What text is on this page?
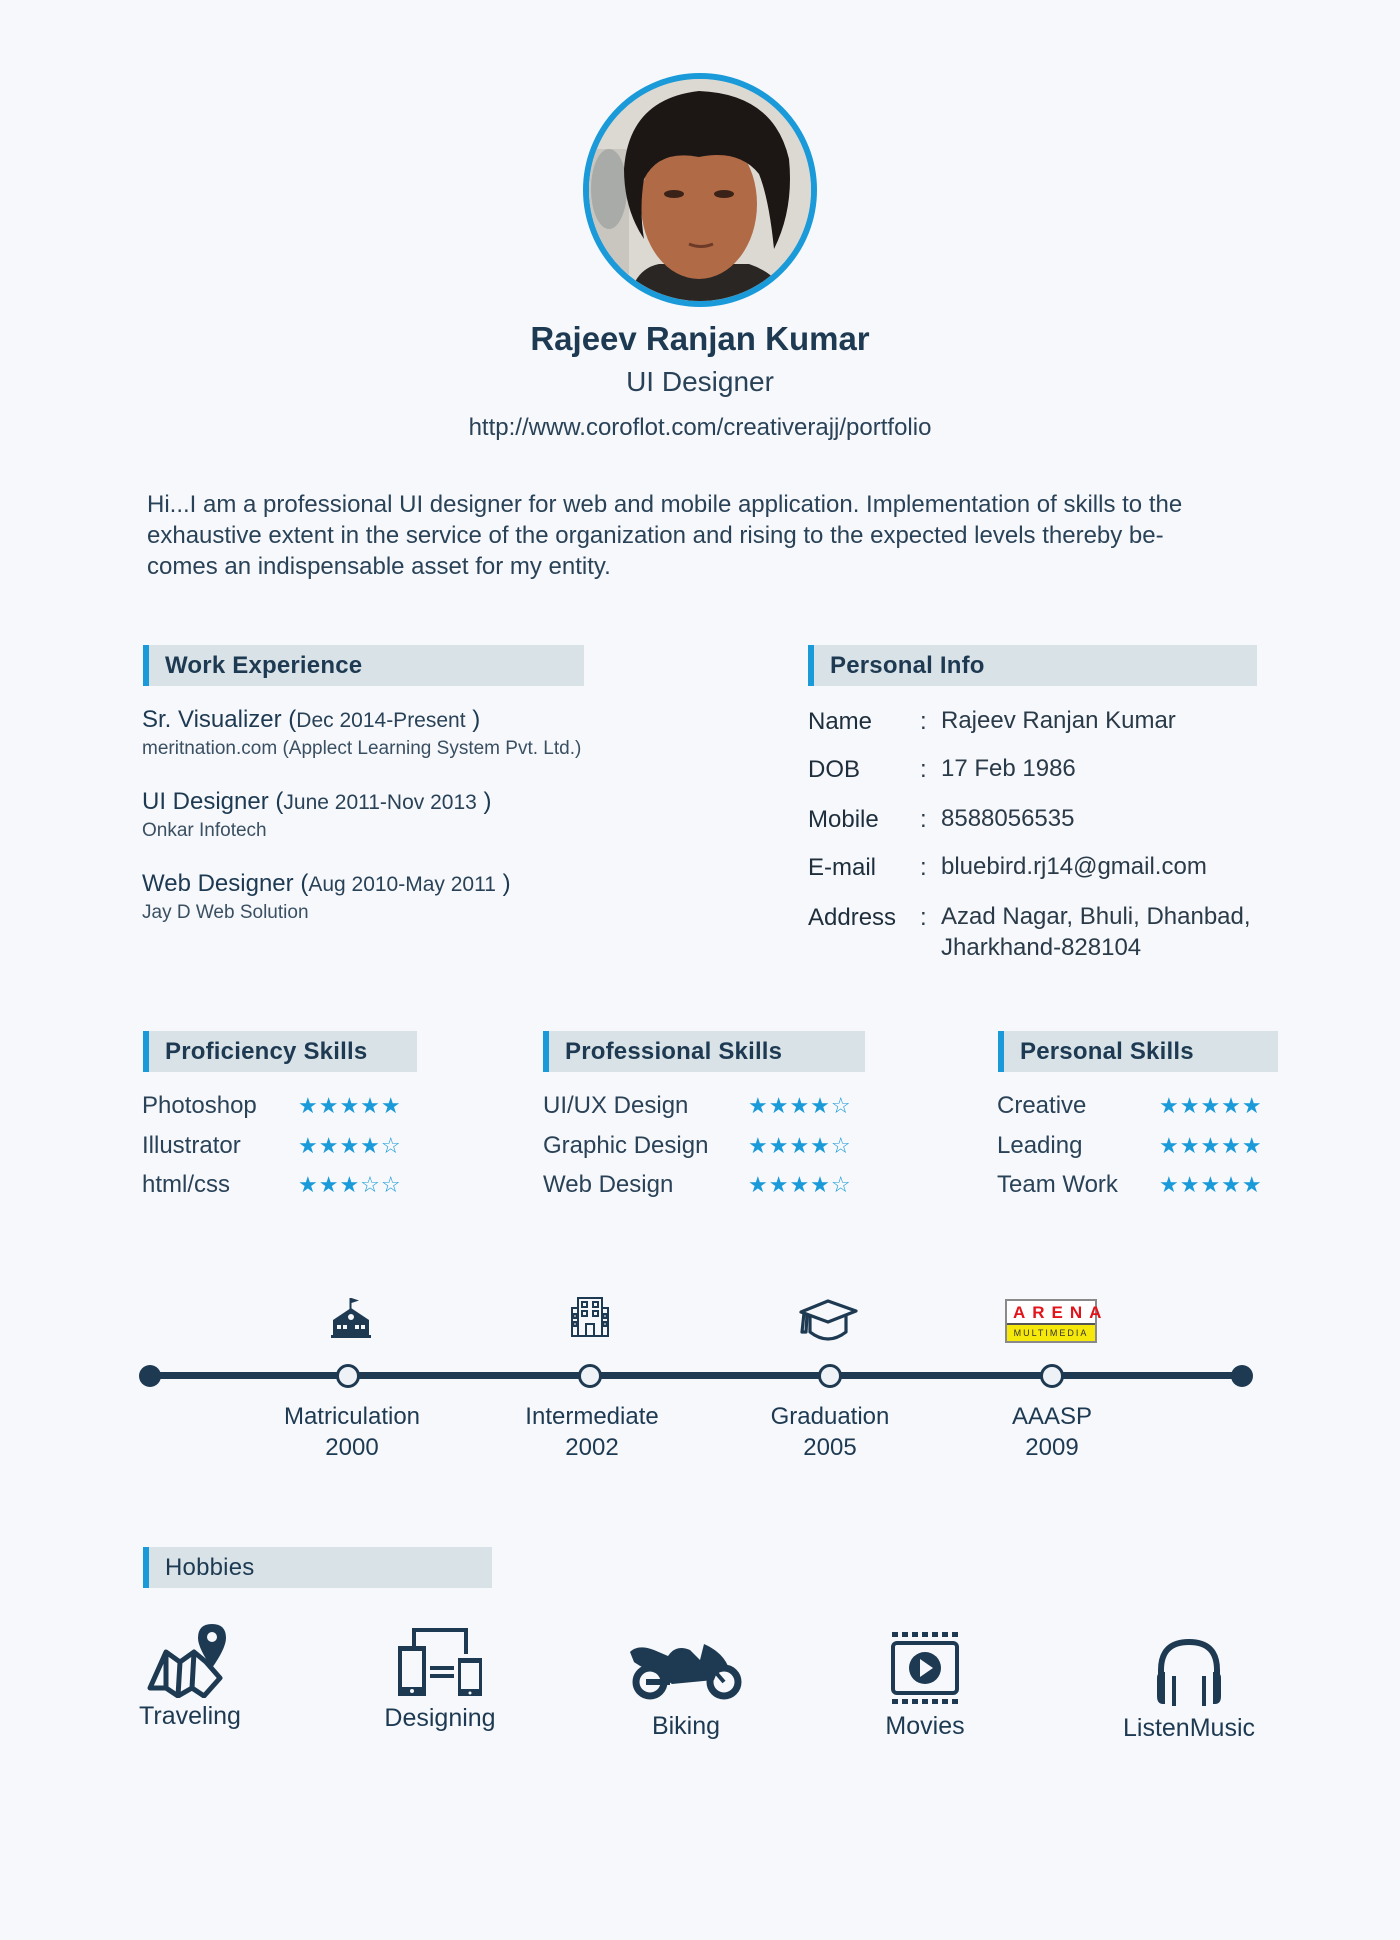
Rajeev Ranjan Kumar
UI Designer
http://www.coroflot.com/creativerajj/portfolio
Hi...I am a professional UI designer for web and mobile application. Implementation of skills to the
exhaustive extent in the service of the organization and rising to the expected levels thereby be-
comes an indispensable asset for my entity.
Work Experience
Sr. Visualizer (Dec 2014-Present )
meritnation.com (Applect Learning System Pvt. Ltd.)
UI Designer (June 2011-Nov 2013 )
Onkar Infotech
Web Designer (Aug 2010-May 2011 )
Jay D Web Solution
Personal Info
Name : Rajeev Ranjan Kumar
DOB : 17 Feb 1986
Mobile : 8588056535
E-mail : bluebird.rj14@gmail.com
Address : Azad Nagar, Bhuli, Dhanbad,
Jharkhand-828104
Proficiency Skills
Photoshop ★★★★★
Illustrator	★★★★☆
html/css	★★★☆☆
Professional Skills
UI/UX Design	★★★★☆
Graphic Design ★★★★☆
Web Design	★★★★☆
Personal Skills
Creative	★★★★★
Leading	★★★★★
Team Work ★★★★★
ARENA
MULTIMEDIA
Matriculation
2000
Intermediate
2002
Graduation
2005
AAASP
2009
Hobbies
Traveling	Designing	Biking	Movies	ListenMusic
